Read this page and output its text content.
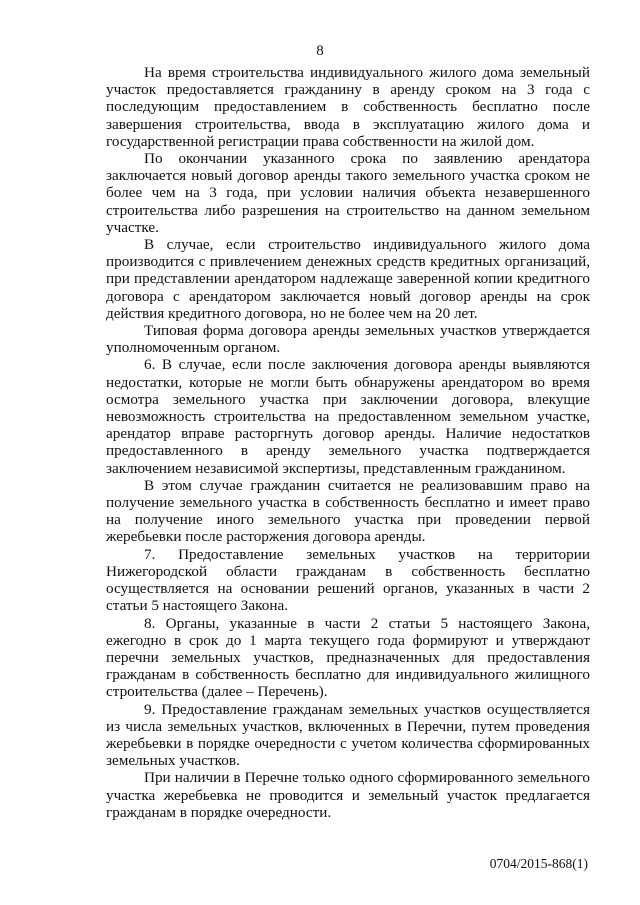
8

На время строительства индивидуального жилого дома земельный участок предоставляется гражданину в аренду сроком на 3 года с последующим предоставлением в собственность бесплатно после завершения строительства, ввода в эксплуатацию жилого дома и государственной регистрации права собственности на жилой дом.

По окончании указанного срока по заявлению арендатора заключается новый договор аренды такого земельного участка сроком не более чем на 3 года, при условии наличия объекта незавершенного строительства либо разрешения на строительство на данном земельном участке.

В случае, если строительство индивидуального жилого дома производится с привлечением денежных средств кредитных организаций, при представлении арендатором надлежаще заверенной копии кредитного договора с арендатором заключается новый договор аренды на срок действия кредитного договора, но не более чем на 20 лет.

Типовая форма договора аренды земельных участков утверждается уполномоченным органом.

6. В случае, если после заключения договора аренды выявляются недостатки, которые не могли быть обнаружены арендатором во время осмотра земельного участка при заключении договора, влекущие невозможность строительства на предоставленном земельном участке, арендатор вправе расторгнуть договор аренды. Наличие недостатков предоставленного в аренду земельного участка подтверждается заключением независимой экспертизы, представленным гражданином.

В этом случае гражданин считается не реализовавшим право на получение земельного участка в собственность бесплатно и имеет право на получение иного земельного участка при проведении первой жеребьевки после расторжения договора аренды.

7. Предоставление земельных участков на территории Нижегородской области гражданам в собственность бесплатно осуществляется на основании решений органов, указанных в части 2 статьи 5 настоящего Закона.

8. Органы, указанные в части 2 статьи 5 настоящего Закона, ежегодно в срок до 1 марта текущего года формируют и утверждают перечни земельных участков, предназначенных для предоставления гражданам в собственность бесплатно для индивидуального жилищного строительства (далее – Перечень).

9. Предоставление гражданам земельных участков осуществляется из числа земельных участков, включенных в Перечни, путем проведения жеребьевки в порядке очередности с учетом количества сформированных земельных участков.

При наличии в Перечне только одного сформированного земельного участка жеребьевка не проводится и земельный участок предлагается гражданам в порядке очередности.

0704/2015-868(1)
